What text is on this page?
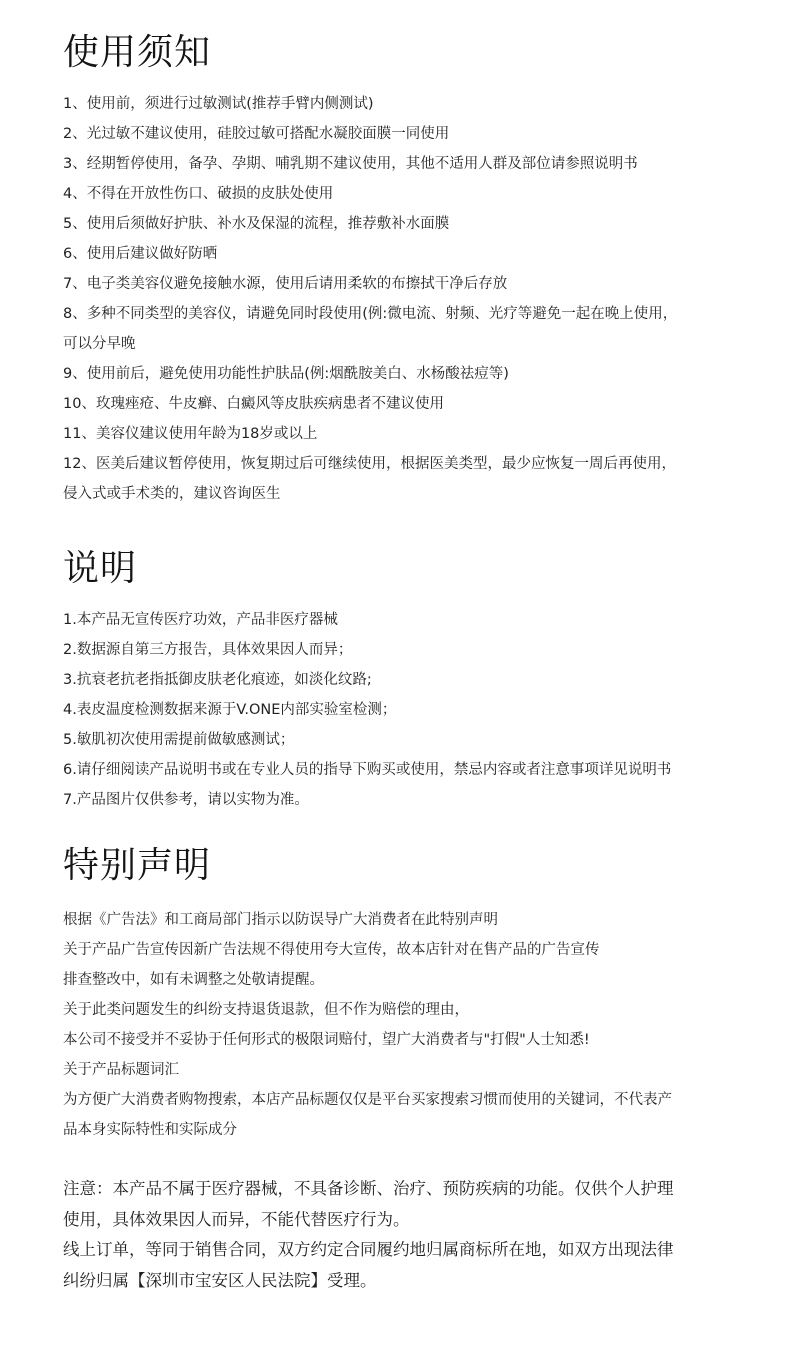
使用须知
1、使用前，须进行过敏测试(推荐手臂内侧测试)
2、光过敏不建议使用，硅胶过敏可搭配水凝胶面膜一同使用
3、经期暂停使用，备孕、孕期、哺乳期不建议使用，其他不适用人群及部位请参照说明书
4、不得在开放性伤口、破损的皮肤处使用
5、使用后须做好护肤、补水及保湿的流程，推荐敷补水面膜
6、使用后建议做好防晒
7、电子类美容仪避免接触水源，使用后请用柔软的布擦拭干净后存放
8、多种不同类型的美容仪，请避免同时段使用(例:微电流、射频、光疗等避免一起在晚上使用，
可以分早晚
9、使用前后，避免使用功能性护肤品(例:烟酰胺美白、水杨酸祛痘等)
10、玫瑰痤疮、牛皮癣、白癜风等皮肤疾病患者不建议使用
11、美容仪建议使用年龄为18岁或以上
12、医美后建议暂停使用，恢复期过后可继续使用，根据医美类型，最少应恢复一周后再使用，
侵入式或手术类的，建议咨询医生
说明
1.本产品无宣传医疗功效，产品非医疗器械
2.数据源自第三方报告，具体效果因人而异；
3.抗衰老抗老指抵御皮肤老化痕迹，如淡化纹路;
4.表皮温度检测数据来源于V.ONE内部实验室检测；
5.敏肌初次使用需提前做敏感测试；
6.请仔细阅读产品说明书或在专业人员的指导下购买或使用，禁忌内容或者注意事项详见说明书
7.产品图片仅供参考，请以实物为准。
特别声明
根据《广告法》和工商局部门指示以防误导广大消费者在此特别声明
关于产品广告宣传因新广告法规不得使用夸大宣传，故本店针对在售产品的广告宣传
排查整改中，如有未调整之处敬请提醒。
关于此类问题发生的纠纷支持退货退款，但不作为赔偿的理由，
本公司不接受并不妥协于任何形式的极限词赔付，望广大消费者与"打假"人士知悉!
关于产品标题词汇
为方便广大消费者购物搜索，本店产品标题仅仅是平台买家搜索习惯而使用的关键词，不代表产
品本身实际特性和实际成分
注意：本产品不属于医疗器械，不具备诊断、治疗、预防疾病的功能。仅供个人护理
使用，具体效果因人而异，不能代替医疗行为。
线上订单，等同于销售合同，双方约定合同履约地归属商标所在地，如双方出现法律
纠纷归属【深圳市宝安区人民法院】受理。
